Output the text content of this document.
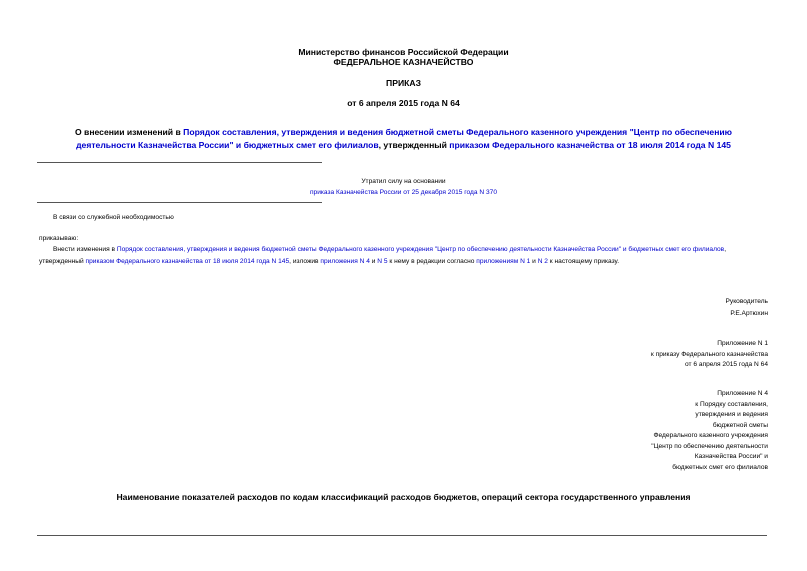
Министерство финансов Российской Федерации
ФЕДЕРАЛЬНОЕ КАЗНАЧЕЙСТВО
ПРИКАЗ
от 6 апреля 2015 года N 64
О внесении изменений в Порядок составления, утверждения и ведения бюджетной сметы Федерального казенного учреждения "Центр по обеспечению деятельности Казначейства России" и бюджетных смет его филиалов, утвержденный приказом Федерального казначейства от 18 июля 2014 года N 145
Утратил силу на основании
приказа Казначейства России от 25 декабря 2015 года N 370
В связи со служебной необходимостью
приказываю:
Внести изменения в Порядок составления, утверждения и ведения бюджетной сметы Федерального казенного учреждения "Центр по обеспечению деятельности Казначейства России" и бюджетных смет его филиалов, утвержденный приказом Федерального казначейства от 18 июля 2014 года N 145, изложив приложения N 4 и N 5 к нему в редакции согласно приложениям N 1 и N 2 к настоящему приказу.
Руководитель
Р.Е.Артюхин
Приложение N 1
к приказу Федерального казначейства
от 6 апреля 2015 года N 64
Приложение N 4
к Порядку составления,
утверждения и ведения
бюджетной сметы
Федерального казенного учреждения
"Центр по обеспечению деятельности
Казначейства России" и
бюджетных смет его филиалов
Наименование показателей расходов по кодам классификаций расходов бюджетов, операций сектора государственного управления
